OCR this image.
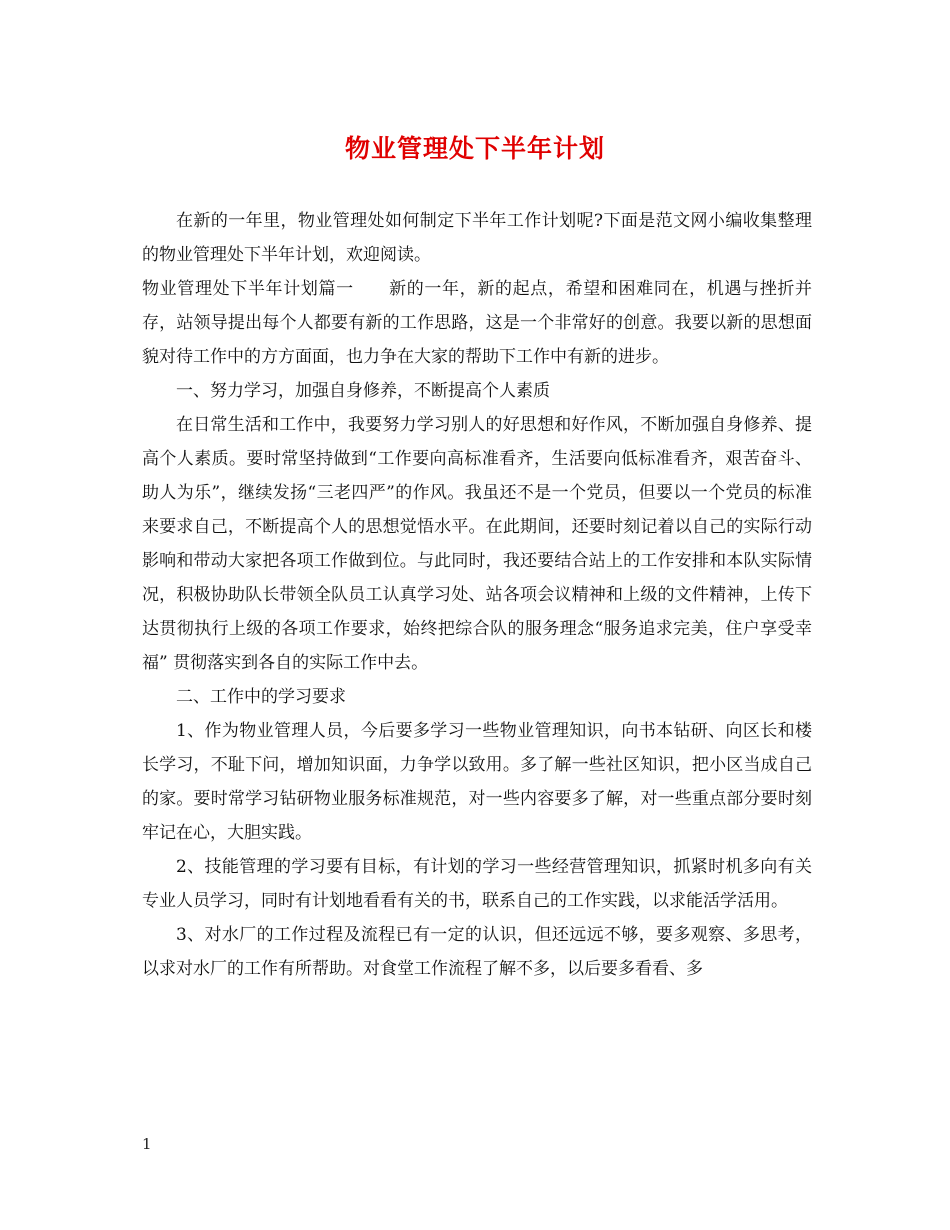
物业管理处下半年计划

在新的一年里，物业管理处如何制定下半年工作计划呢?下面是范文网小编收集整理的物业管理处下半年计划，欢迎阅读。

物业管理处下半年计划篇一　　新的一年，新的起点，希望和困难同在，机遇与挫折并存，站领导提出每个人都要有新的工作思路，这是一个非常好的创意。我要以新的思想面貌对待工作中的方方面面，也力争在大家的帮助下工作中有新的进步。

一、努力学习，加强自身修养，不断提高个人素质

在日常生活和工作中，我要努力学习别人的好思想和好作风，不断加强自身修养、提高个人素质。要时常坚持做到“工作要向高标准看齐，生活要向低标准看齐，艰苦奋斗、助人为乐”，继续发扬“三老四严”的作风。我虽还不是一个党员，但要以一个党员的标准来要求自己，不断提高个人的思想觉悟水平。在此期间，还要时刻记着以自己的实际行动影响和带动大家把各项工作做到位。与此同时，我还要结合站上的工作安排和本队实际情况，积极协助队长带领全队员工认真学习处、站各项会议精神和上级的文件精神，上传下达贯彻执行上级的各项工作要求，始终把综合队的服务理念“服务追求完美，住户享受幸福” 贯彻落实到各自的实际工作中去。

二、工作中的学习要求

1、作为物业管理人员，今后要多学习一些物业管理知识，向书本钻研、向区长和楼长学习，不耻下问，增加知识面，力争学以致用。多了解一些社区知识，把小区当成自己的家。要时常学习钻研物业服务标准规范，对一些内容要多了解，对一些重点部分要时刻牢记在心，大胆实践。

2、技能管理的学习要有目标，有计划的学习一些经营管理知识，抓紧时机多向有关专业人员学习，同时有计划地看看有关的书，联系自己的工作实践，以求能活学活用。

3、对水厂的工作过程及流程已有一定的认识，但还远远不够，要多观察、多思考，以求对水厂的工作有所帮助。对食堂工作流程了解不多，以后要多看看、多

1
